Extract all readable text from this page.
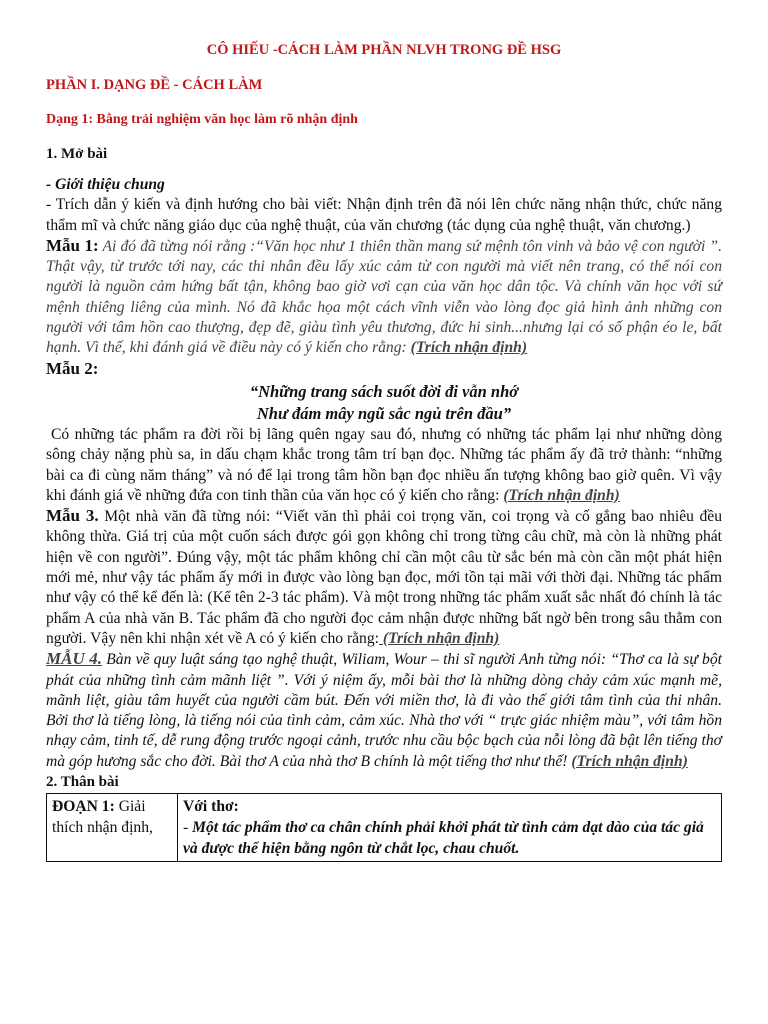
CÔ HIẾU -CÁCH LÀM PHẦN NLVH TRONG ĐỀ HSG
PHẦN I. DẠNG ĐỀ - CÁCH LÀM
Dạng 1: Bằng trải nghiệm văn học làm rõ nhận định
1. Mở bài

- Giới thiệu chung

- Trích dẫn ý kiến và định hướng cho bài viết: Nhận định trên đã nói lên chức năng nhận thức, chức năng thẩm mĩ và chức năng giáo dục của nghệ thuật, của văn chương (tác dụng của nghệ thuật, văn chương.)

Mẫu 1: Ai đó đã từng nói rằng :“Văn học như 1 thiên thần mang sứ mệnh tôn vinh và bảo vệ con người ”. Thật vậy, từ trước tới nay, các thi nhân đều lấy xúc cảm từ con người mà viết nên trang, có thể nói con người là nguồn cảm hứng bất tận, không bao giờ vơi cạn của văn học dân tộc. Và chính văn học với sứ mệnh thiêng liêng của mình. Nó đã khắc họa một cách vĩnh viễn vào lòng đọc giả hình ảnh những con người với tâm hồn cao thượng, đẹp đẽ, giàu tình yêu thương, đức hi sinh...nhưng lại có số phận éo le, bất hạnh. Vì thế, khi đánh giá về điều này có ý kiến cho rằng: (Trích nhận định)

Mẫu 2:

“Những trang sách suốt đời đi vẫn nhớ

Như đám mây ngũ sắc ngủ trên đầu”

Có những tác phẩm ra đời rồi bị lãng quên ngay sau đó, nhưng có những tác phẩm lại như những dòng sông chảy nặng phù sa, in dấu chạm khắc trong tâm trí bạn đọc. Những tác phẩm ấy đã trở thành: “những bài ca đi cùng năm tháng” và nó để lại trong tâm hồn bạn đọc nhiều ấn tượng không bao giờ quên. Vì vậy khi đánh giá về những đứa con tinh thần của văn học có ý kiến cho rằng: (Trích nhận định)

Mẫu 3. Một nhà văn đã từng nói: “Viết văn thì phải coi trọng văn, coi trọng và cố gắng bao nhiêu đều không thừa. Giá trị của một cuốn sách được gói gọn không chỉ trong từng câu chữ, mà còn là những phát hiện về con người”. Đúng vậy, một tác phẩm không chỉ cần một câu từ sắc bén mà còn cần một phát hiện mới mẻ, như vậy tác phẩm ấy mới in được vào lòng bạn đọc, mới tồn tại mãi với thời đại. Những tác phẩm như vậy có thể kể đến là: (Kể tên 2-3 tác phẩm). Và một trong những tác phẩm xuất sắc nhất đó chính là tác phẩm A của nhà văn B. Tác phẩm đã cho người đọc cảm nhận được những bất ngờ bên trong sâu thẳm con người. Vậy nên khi nhận xét về A có ý kiến cho rằng: (Trích nhận định)

MẪU 4. Bàn về quy luật sáng tạo nghệ thuật, Wiliam, Wour – thi sĩ người Anh từng nói: “Thơ ca là sự bột phát của những tình cảm mãnh liệt ”. Với ý niệm ấy, mỗi bài thơ là những dòng chảy cảm xúc mạnh mẽ, mãnh liệt, giàu tâm huyết của người cầm bút. Đến với miền thơ, là đi vào thế giới tâm tình của thi nhân. Bởi thơ là tiếng lòng, là tiếng nói của tình cảm, cảm xúc. Nhà thơ với “ trực giác nhiệm màu”, với tâm hồn nhạy cảm, tinh tế, dễ rung động trước ngoại cảnh, trước nhu cầu bộc bạch của nỗi lòng đã bật lên tiếng thơ mà góp hương sắc cho đời. Bài thơ A của nhà thơ B chính là một tiếng thơ như thế! (Trích nhận định)

2. Thân bài

ĐOẠN 1: Giải thích nhận định,	Với thơ:
- Một tác phẩm thơ ca chân chính phải khởi phát từ tình cảm dạt dào của tác giả và được thể hiện bằng ngôn từ chắt lọc, chau chuốt.
